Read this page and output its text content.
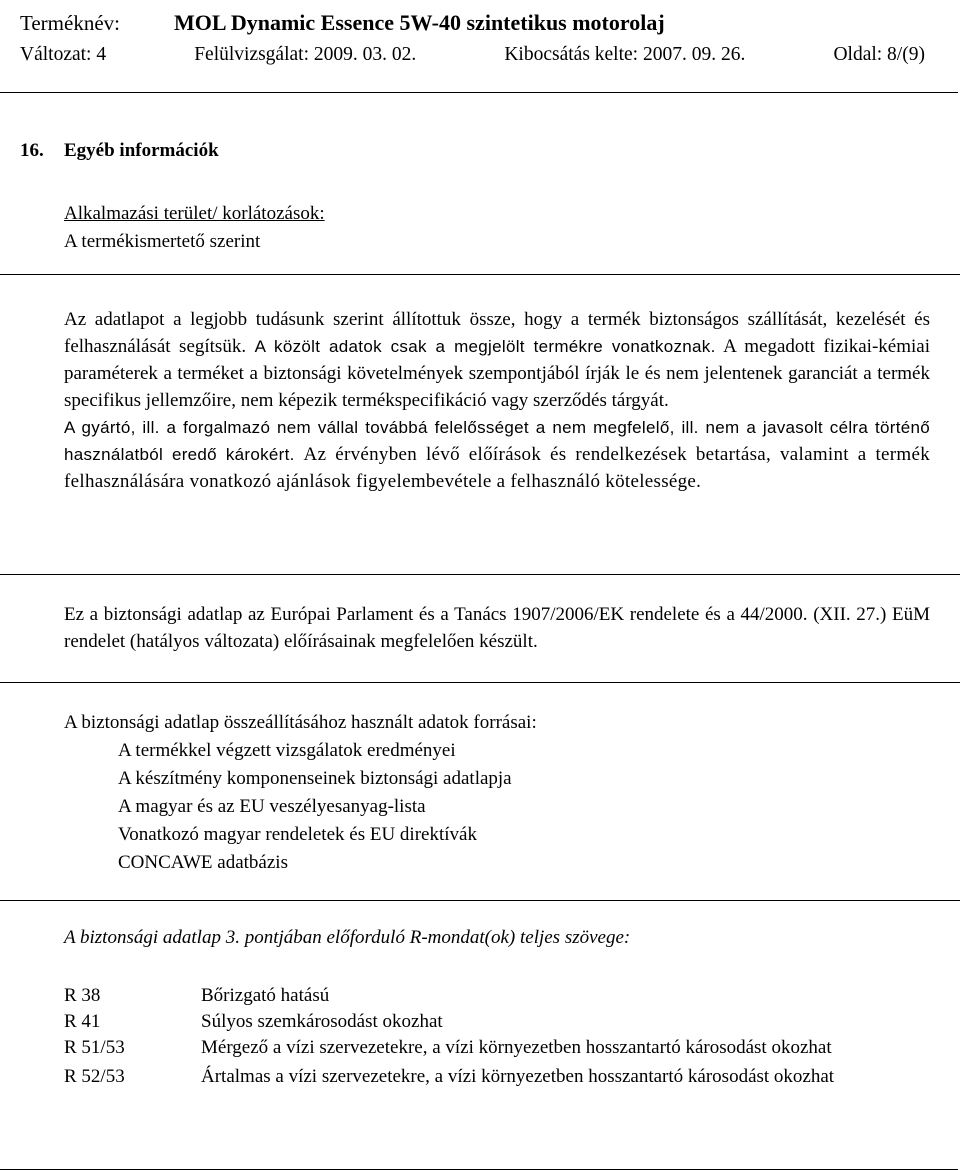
Terméknév: MOL Dynamic Essence 5W-40 szintetikus motorolaj
Változat: 4	Felülvizsgálat: 2009. 03. 02.	Kibocsátás kelte: 2007. 09. 26.	Oldal: 8/(9)
16. Egyéb információk
Alkalmazási terület/ korlátozások:
A termékismertető szerint

Az adatlapot a legjobb tudásunk szerint állítottuk össze, hogy a termék biztonságos szállítását, kezelését és felhasználását segítsük. A közölt adatok csak a megjelölt termékre vonatkoznak. A megadott fizikai-kémiai paraméterek a terméket a biztonsági követelmények szempontjából írják le és nem jelentenek garanciát a termék specifikus jellemzőire, nem képezik termékspecifikáció vagy szerződés tárgyát.

A gyártó, ill. a forgalmazó nem vállal továbbá felelősséget a nem megfelelő, ill. nem a javasolt célra történő használatból eredő károkért. Az érvényben lévő előírások és rendelkezések betartása, valamint a termék felhasználására vonatkozó ajánlások figyelembevétele a felhasználó kötelessége.

Ez a biztonsági adatlap az Európai Parlament és a Tanács 1907/2006/EK rendelete és a 44/2000. (XII. 27.) EüM rendelet (hatályos változata) előírásainak megfelelően készült.

A biztonsági adatlap összeállításához használt adatok forrásai:
A termékkel végzett vizsgálatok eredményei
A készítmény komponenseinek biztonsági adatlapja
A magyar és az EU veszélyesanyag-lista
Vonatkozó magyar rendeletek és EU direktívák
CONCAWE adatbázis
A biztonsági adatlap 3. pontjában előforduló R-mondat(ok) teljes szövege:
R 38	Bőrizgató hatású
R 41	Súlyos szemkárosodást okozhat
R 51/53	Mérgező a vízi szervezetekre, a vízi környezetben hosszantartó károsodást okozhat
R 52/53	Ártalmas a vízi szervezetekre, a vízi környezetben hosszantartó károsodást okozhat
